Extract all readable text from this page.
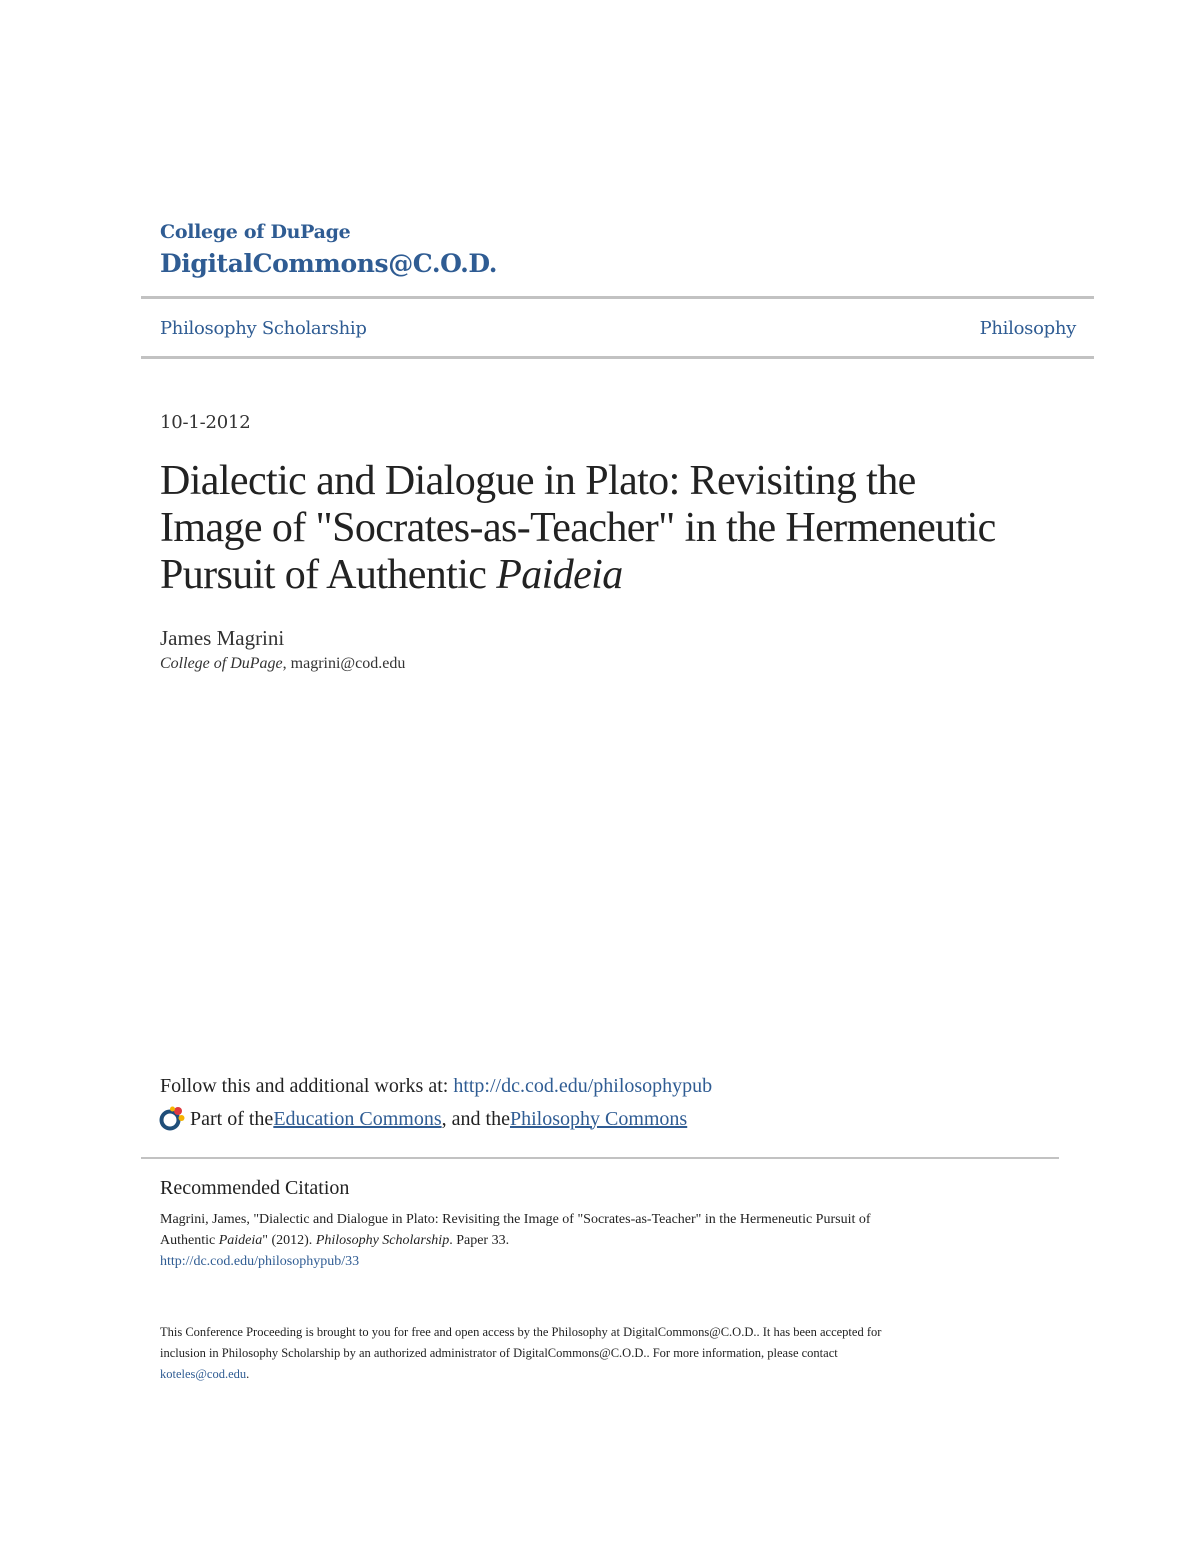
College of DuPage
DigitalCommons@C.O.D.
Philosophy Scholarship	Philosophy
10-1-2012
Dialectic and Dialogue in Plato: Revisiting the
Image of "Socrates-as-Teacher" in the Hermeneutic
Pursuit of Authentic Paideia
James Magrini
College of DuPage, magrini@cod.edu
Follow this and additional works at: http://dc.cod.edu/philosophypub
Part of the Education Commons , and the Philosophy Commons
Recommended Citation
Magrini, James, "Dialectic and Dialogue in Plato: Revisiting the Image of "Socrates-as-Teacher" in the Hermeneutic Pursuit of
Authentic Paideia" (2012). Philosophy Scholarship. Paper 33.
http://dc.cod.edu/philosophypub/33
This Conference Proceeding is brought to you for free and open access by the Philosophy at DigitalCommons@C.O.D.. It has been accepted for
inclusion in Philosophy Scholarship by an authorized administrator of DigitalCommons@C.O.D.. For more information, please contact
koteles@cod.edu.
